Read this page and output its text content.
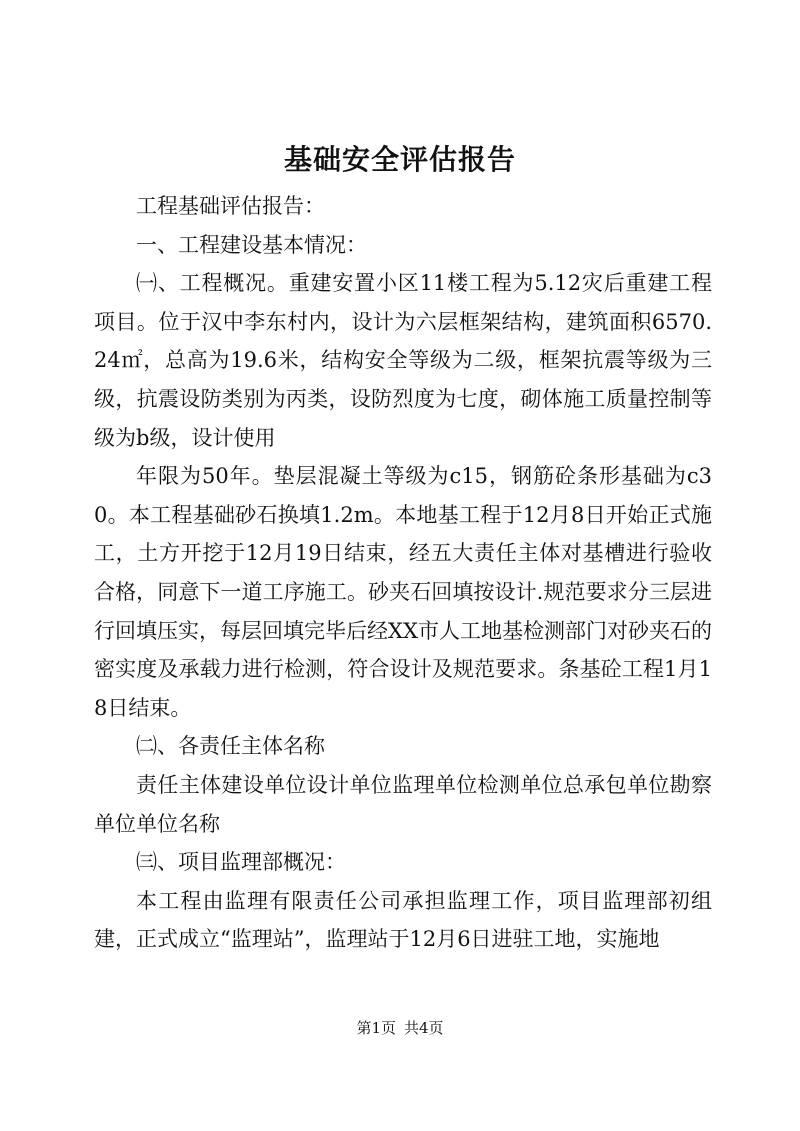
基础安全评估报告

工程基础评估报告：

一、工程建设基本情况：

㈠、工程概况。重建安置小区11楼工程为5.12灾后重建工程项目。位于汉中李东村内，设计为六层框架结构，建筑面积6570.24㎡，总高为19.6米，结构安全等级为二级，框架抗震等级为三级，抗震设防类别为丙类，设防烈度为七度，砌体施工质量控制等级为b级，设计使用

年限为50年。垫层混凝土等级为c15，钢筋砼条形基础为c30。本工程基础砂石换填1.2m。本地基工程于12月8日开始正式施工，土方开挖于12月19日结束，经五大责任主体对基槽进行验收合格，同意下一道工序施工。砂夹石回填按设计.规范要求分三层进行回填压实，每层回填完毕后经XX市人工地基检测部门对砂夹石的密实度及承载力进行检测，符合设计及规范要求。条基砼工程1月18日结束。

㈡、各责任主体名称

责任主体建设单位设计单位监理单位检测单位总承包单位勘察单位单位名称

㈢、项目监理部概况：

本工程由监理有限责任公司承担监理工作，项目监理部初组建，正式成立“监理站”，监理站于12月6日进驻工地，实施地

第1页 共4页
